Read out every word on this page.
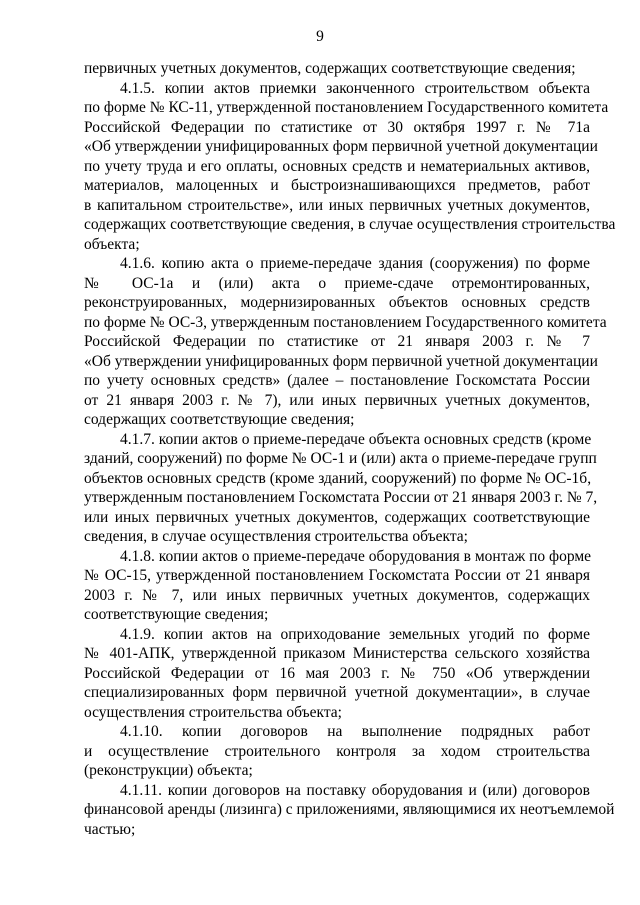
9
первичных учетных документов, содержащих соответствующие сведения;
4.1.5. копии актов приемки законченного строительством объекта
по форме № КС-11, утвержденной постановлением Государственного комитета
Российской Федерации по статистике от 30 октября 1997 г. № 71а
«Об утверждении унифицированных форм первичной учетной документации
по учету труда и его оплаты, основных средств и нематериальных активов,
материалов, малоценных и быстроизнашивающихся предметов, работ
в капитальном строительстве», или иных первичных учетных документов,
содержащих соответствующие сведения, в случае осуществления строительства
объекта;
4.1.6. копию акта о приеме-передаче здания (сооружения) по форме
№ ОС-1а и (или) акта о приеме-сдаче отремонтированных,
реконструированных, модернизированных объектов основных средств
по форме № ОС-3, утвержденным постановлением Государственного комитета
Российской Федерации по статистике от 21 января 2003 г. № 7
«Об утверждении унифицированных форм первичной учетной документации
по учету основных средств» (далее – постановление Госкомстата России
от 21 января 2003 г. № 7), или иных первичных учетных документов,
содержащих соответствующие сведения;
4.1.7. копии актов о приеме-передаче объекта основных средств (кроме
зданий, сооружений) по форме № ОС-1 и (или) акта о приеме-передаче групп
объектов основных средств (кроме зданий, сооружений) по форме № ОС-1б,
утвержденным постановлением Госкомстата России от 21 января 2003 г. № 7,
или иных первичных учетных документов, содержащих соответствующие
сведения, в случае осуществления строительства объекта;
4.1.8. копии актов о приеме-передаче оборудования в монтаж по форме
№ ОС-15, утвержденной постановлением Госкомстата России от 21 января
2003 г. № 7, или иных первичных учетных документов, содержащих
соответствующие сведения;
4.1.9. копии актов на оприходование земельных угодий по форме
№ 401-АПК, утвержденной приказом Министерства сельского хозяйства
Российской Федерации от 16 мая 2003 г. № 750 «Об утверждении
специализированных форм первичной учетной документации», в случае
осуществления строительства объекта;
4.1.10. копии договоров на выполнение подрядных работ
и осуществление строительного контроля за ходом строительства
(реконструкции) объекта;
4.1.11. копии договоров на поставку оборудования и (или) договоров
финансовой аренды (лизинга) с приложениями, являющимися их неотъемлемой
частью;
